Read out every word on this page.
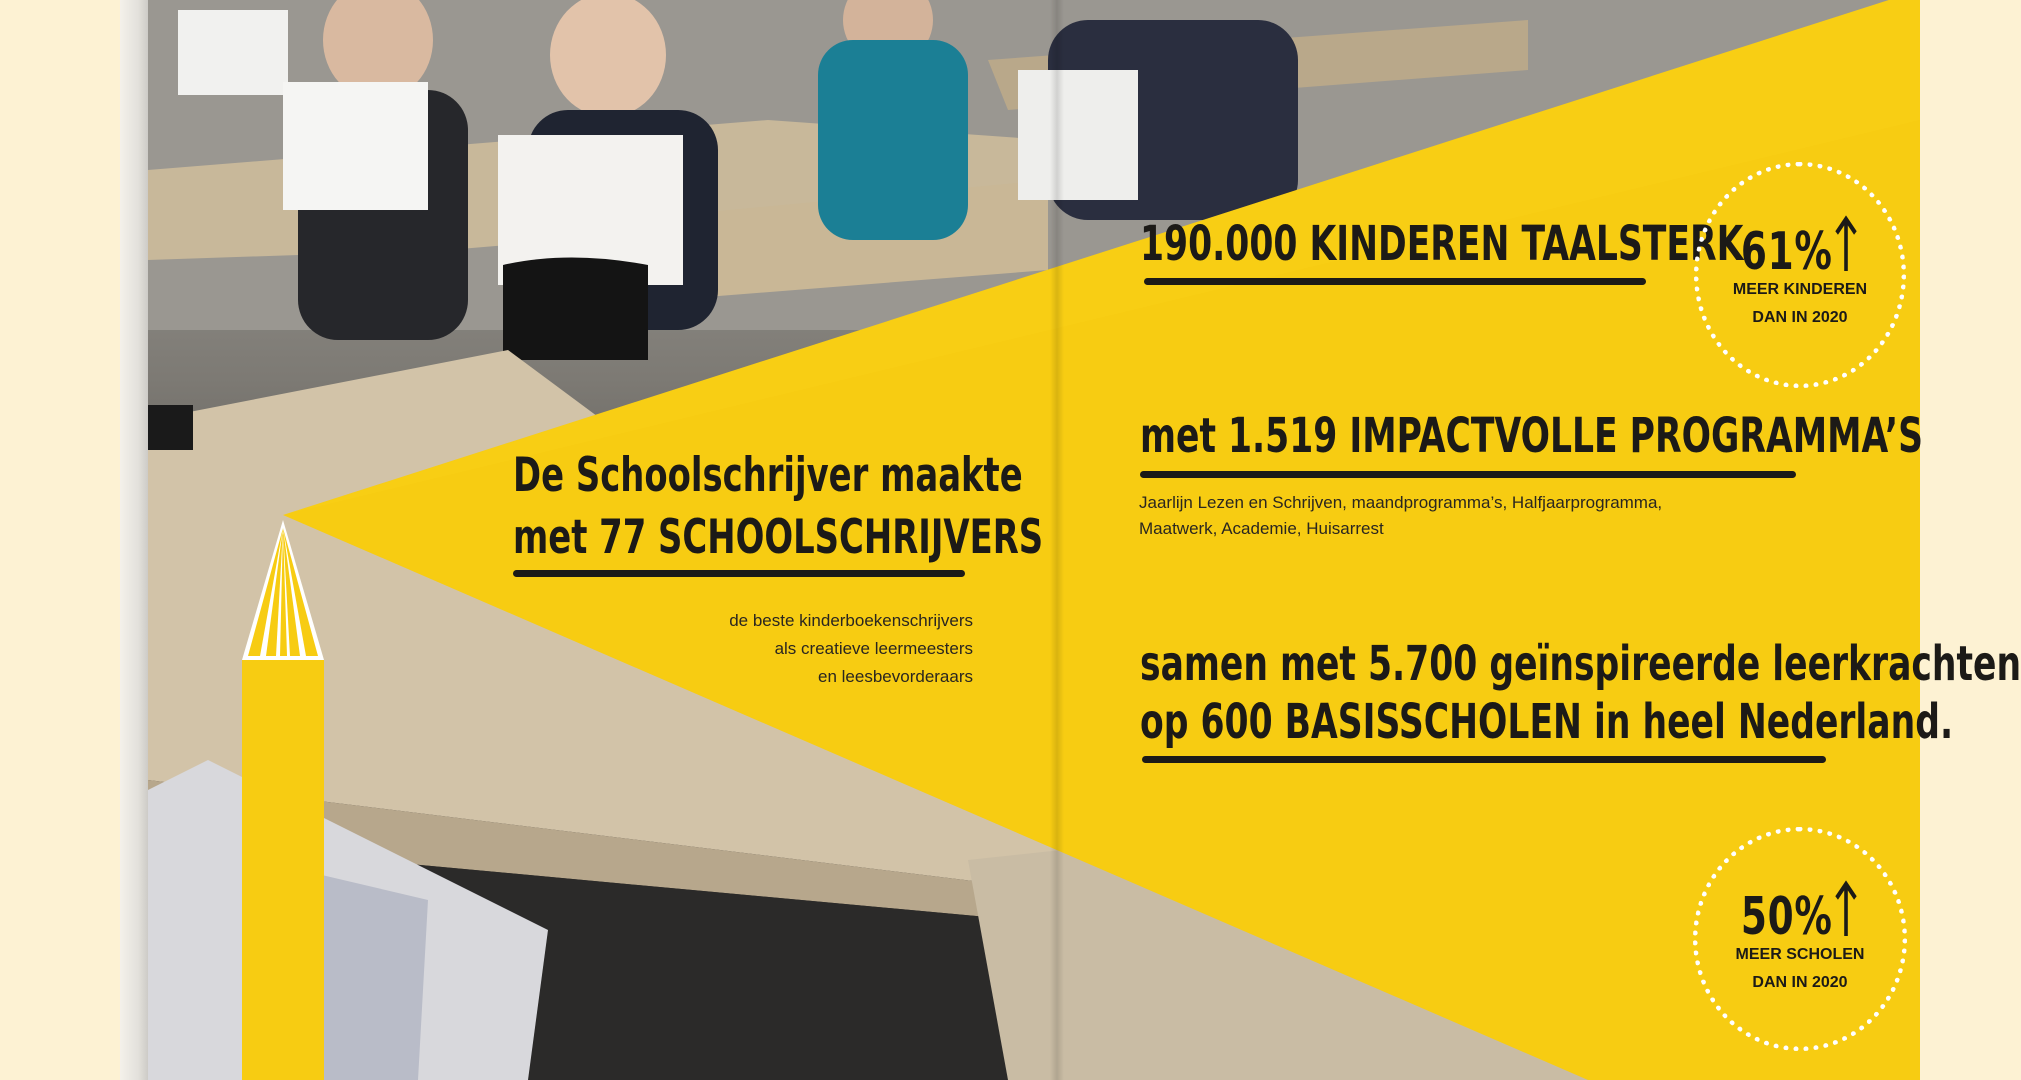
De Schoolschrijver maakte
met 77 SCHOOLSCHRIJVERS
de beste kinderboekenschrijvers
als creatieve leermeesters
en leesbevorderaars
190.000 KINDEREN TAALSTERK
61%
MEER KINDEREN
DAN IN 2020
met 1.519 IMPACTVOLLE PROGRAMMA’S
Jaarlijn Lezen en Schrijven, maandprogramma’s, Halfjaarprogramma,
Maatwerk, Academie, Huisarrest
samen met 5.700 geïnspireerde leerkrachten
op 600 BASISSCHOLEN in heel Nederland.
50%
MEER SCHOLEN
DAN IN 2020
